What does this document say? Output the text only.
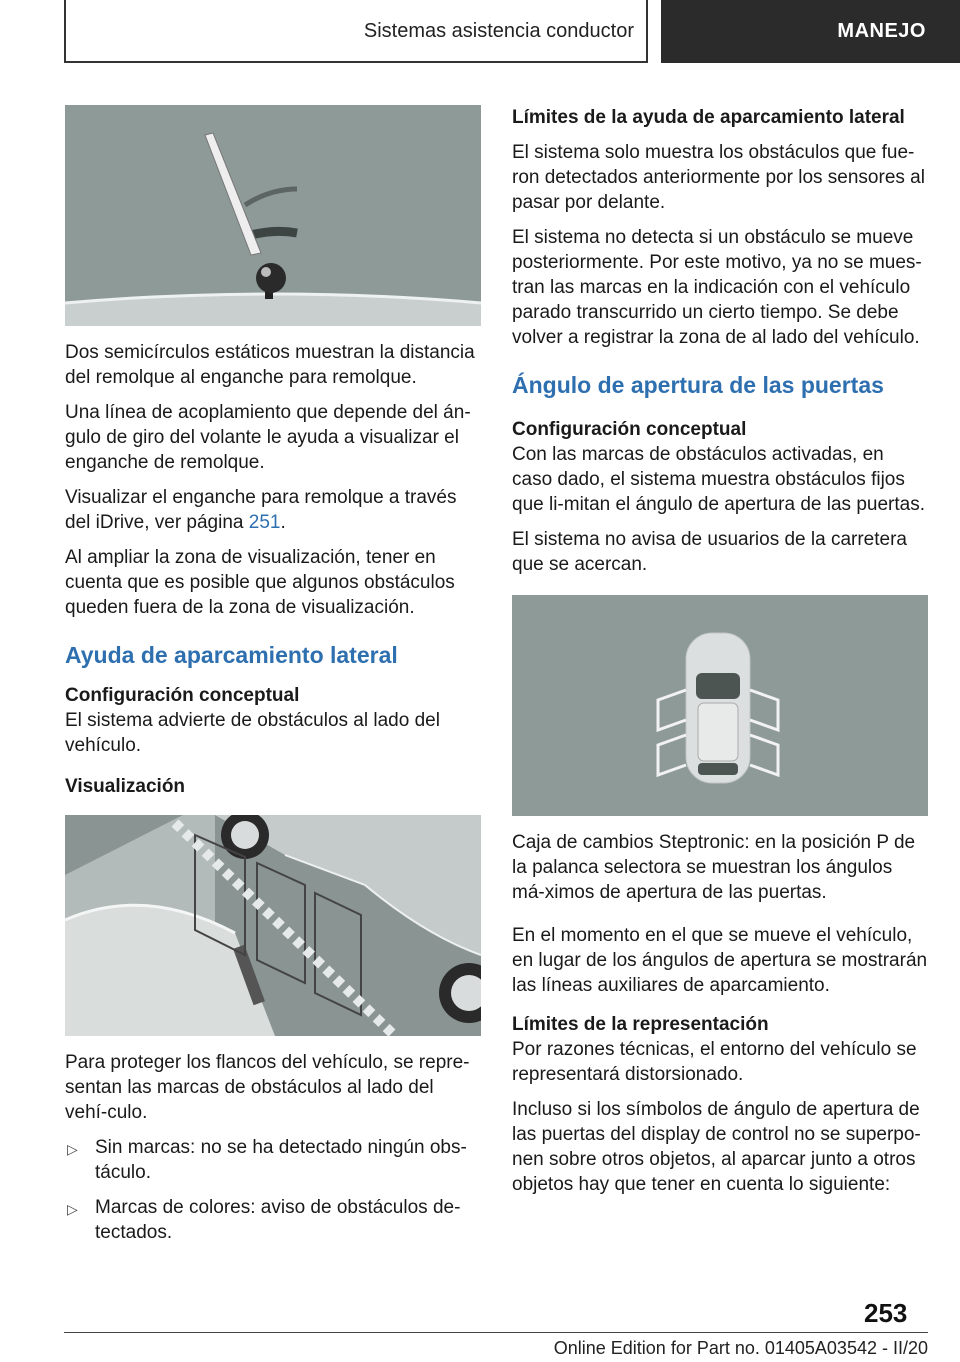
Sistemas asistencia conductor	MANEJO

Dos semicírculos estáticos muestran la distancia del remolque al enganche para remolque.

Una línea de acoplamiento que depende del án-gulo de giro del volante le ayuda a visualizar el enganche de remolque.

Visualizar el enganche para remolque a través del iDrive, ver página 251.

Al ampliar la zona de visualización, tener en cuenta que es posible que algunos obstáculos queden fuera de la zona de visualización.

Ayuda de aparcamiento lateral
Configuración conceptual

El sistema advierte de obstáculos al lado del vehículo.

Visualización

Para proteger los flancos del vehículo, se repre-sentan las marcas de obstáculos al lado del vehí-culo.

▷ Sin marcas: no se ha detectado ningún obs-táculo.
▷ Marcas de colores: aviso de obstáculos de-tectados.
Límites de la ayuda de aparcamiento lateral

El sistema solo muestra los obstáculos que fue-ron detectados anteriormente por los sensores al pasar por delante.

El sistema no detecta si un obstáculo se mueve posteriormente. Por este motivo, ya no se mues-tran las marcas en la indicación con el vehículo parado transcurrido un cierto tiempo. Se debe volver a registrar la zona de al lado del vehículo.

Ángulo de apertura de las puertas
Configuración conceptual

Con las marcas de obstáculos activadas, en caso dado, el sistema muestra obstáculos fijos que li-mitan el ángulo de apertura de las puertas.

El sistema no avisa de usuarios de la carretera que se acercan.

Caja de cambios Steptronic: en la posición P de la palanca selectora se muestran los ángulos má-ximos de apertura de las puertas.

En el momento en el que se mueve el vehículo, en lugar de los ángulos de apertura se mostrarán las líneas auxiliares de aparcamiento.

Límites de la representación

Por razones técnicas, el entorno del vehículo se representará distorsionado.

Incluso si los símbolos de ángulo de apertura de las puertas del display de control no se superpo-nen sobre otros objetos, al aparcar junto a otros objetos hay que tener en cuenta lo siguiente:

253
Online Edition for Part no. 01405A03542 - II/20
